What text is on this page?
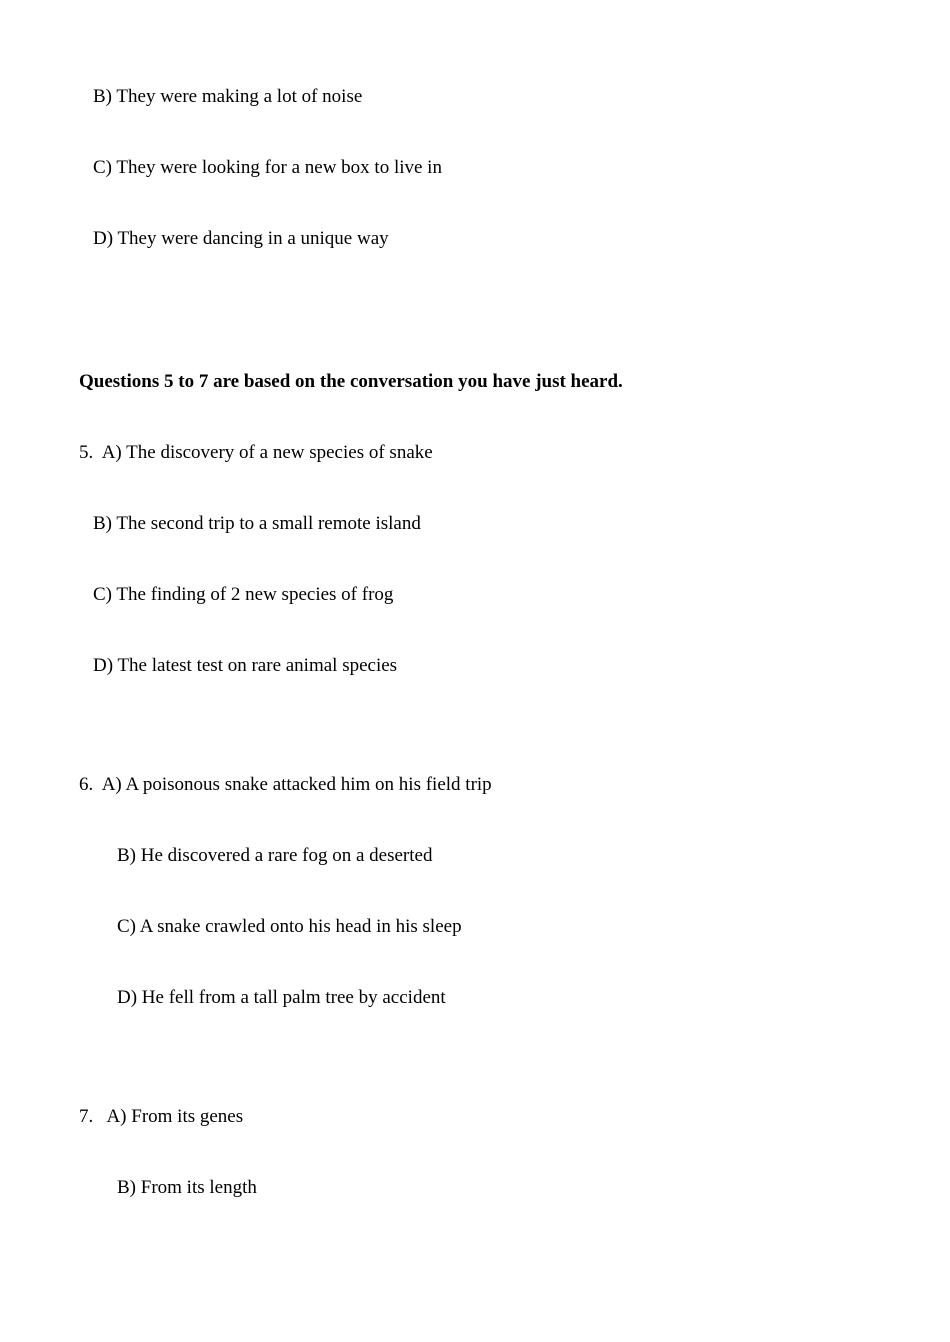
B) They were making a lot of noise
C) They were looking for a new box to live in
D) They were dancing in a unique way
Questions 5 to 7 are based on the conversation you have just heard.
5.  A) The discovery of a new species of snake
B) The second trip to a small remote island
C) The finding of 2 new species of frog
D) The latest test on rare animal species
6.  A) A poisonous snake attacked him on his field trip
B) He discovered a rare fog on a deserted
C) A snake crawled onto his head in his sleep
D) He fell from a tall palm tree by accident
7.   A) From its genes
B) From its length
